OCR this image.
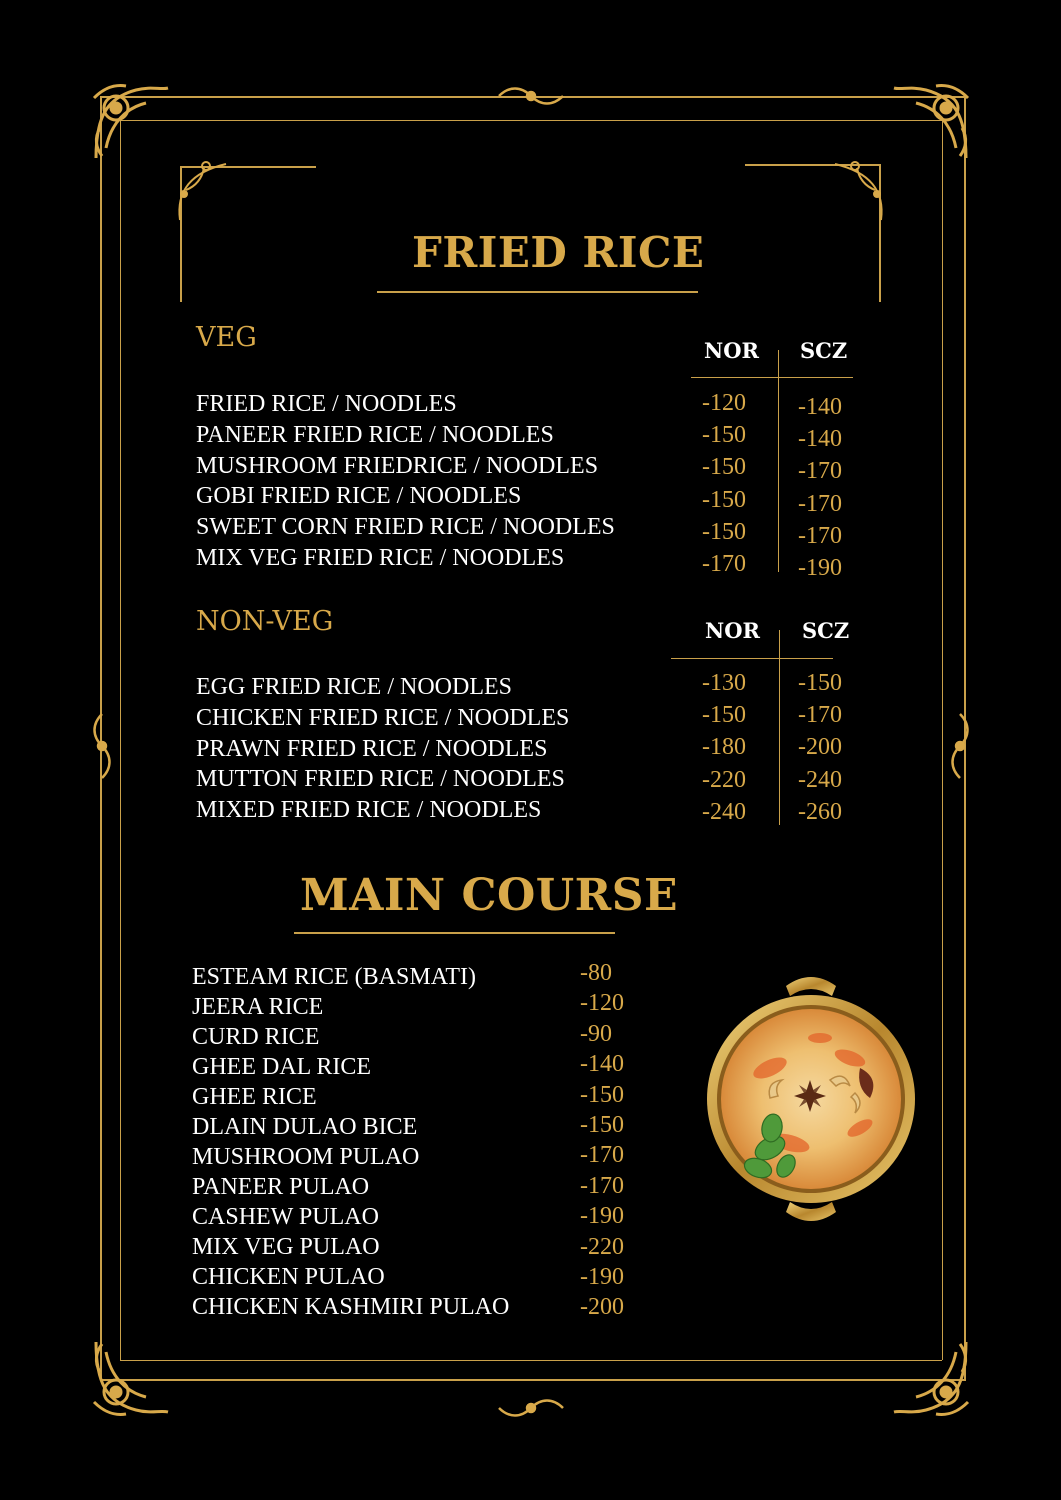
FRIED RICE
VEG	NOR SCZ
FRIED RICE / NOODLES
PANEER FRIED RICE / NOODLES
MUSHROOM FRIEDRICE / NOODLES
GOBI FRIED RICE / NOODLES
SWEET CORN FRIED RICE / NOODLES
MIX VEG FRIED RICE / NOODLES
-120
-150
-150
-150
-150
-170
-140
-140
-170
-170
-170
-190
NON-VEG	NOR SCZ
EGG FRIED RICE / NOODLES
CHICKEN FRIED RICE / NOODLES
PRAWN FRIED RICE / NOODLES
MUTTON FRIED RICE / NOODLES
MIXED FRIED RICE / NOODLES
-130
-150
-180
-220
-240
-150
-170
-200
-240
-260
MAIN COURSE
ESTEAM RICE (BASMATI)
JEERA RICE
CURD RICE
GHEE DAL RICE
GHEE RICE
DLAIN DULAO BICE
MUSHROOM PULAO
PANEER PULAO
CASHEW PULAO
MIX VEG PULAO
CHICKEN PULAO
CHICKEN KASHMIRI PULAO
-80
-120
-90
-140
-150
-150
-170
-170
-190
-220
-190
-200
